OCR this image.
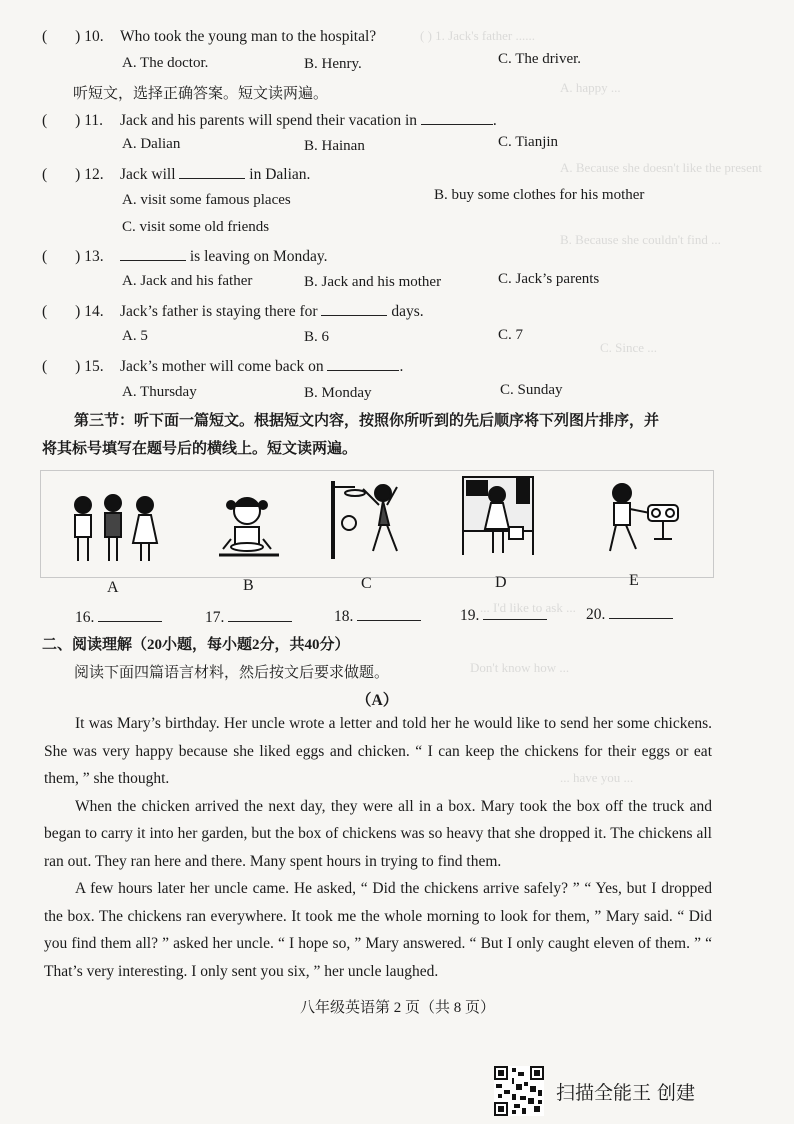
( ) 1. Jack's father ......
A. happy ...
A. Because she doesn't like the present
B. Because she couldn't find ...
C. Since ...
... I'd like to ask ...
Don't know how ...
... have you ...
( ) 10. Who took the young man to the hospital?
A. The doctor.	B. Henry.	C. The driver.
听短文，选择正确答案。短文读两遍。
( ) 11. Jack and his parents will spend their vacation in	.
A. Dalian	B. Hainan	C. Tianjin
( ) 12. Jack will	in Dalian.
A. visit some famous places	B. buy some clothes for his mother
C. visit some old friends
( ) 13.	is leaving on Monday.
A. Jack and his father	B. Jack and his mother	C. Jack’s parents
( ) 14. Jack’s father is staying there for	days.
A. 5	B. 6	C. 7
( ) 15. Jack’s mother will come back on	.
A. Thursday	B. Monday	C. Sunday
第三节：听下面一篇短文。根据短文内容，按照你所听到的先后顺序将下列图片排序，并
将其标号填写在题号后的横线上。短文读两遍。
A	B	C	D	E
16.	17.	18.	19.	20.
二、阅读理解（20小题，每小题2分，共40分）
阅读下面四篇语言材料，然后按文后要求做题。
（A）

It was Mary’s birthday. Her uncle wrote a letter and told her he would like to send her some chickens. She was very happy because she liked eggs and chicken. “ I can keep the chickens for their eggs or eat them, ” she thought.

When the chicken arrived the next day, they were all in a box. Mary took the box off the truck and began to carry it into her garden, but the box of chickens was so heavy that she dropped it. The chickens all ran out. They ran here and there. Many spent hours in trying to find them.

A few hours later her uncle came. He asked, “ Did the chickens arrive safely? ” “ Yes, but I dropped the box. The chickens ran everywhere. It took me the whole morning to look for them, ” Mary said. “ Did you find them all? ” asked her uncle. “ I hope so, ” Mary answered. “ But I only caught eleven of them. ” “ That’s very interesting. I only sent you six, ” her uncle laughed.

八年级英语第 2 页（共 8 页）
扫描全能王 创建
